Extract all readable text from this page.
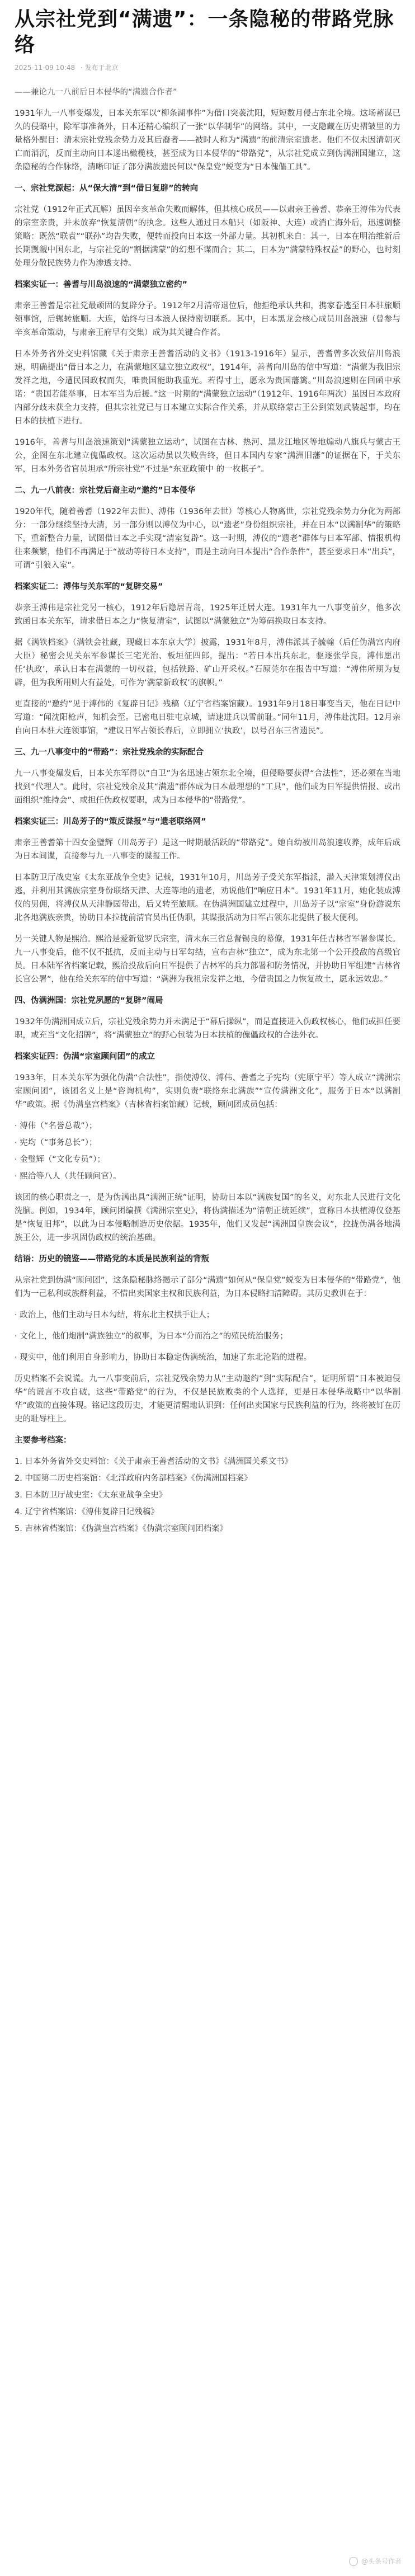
从宗社党到“满遗”：一条隐秘的带路党脉络
2025-11-09 10:48 · 发布于北京

——兼论九一八前后日本侵华的“满遗合作者”

1931年九一八事变爆发，日本关东军以“柳条湖事件”为借口突袭沈阳，短短数月侵占东北全境。这场蓄谋已久的侵略中，除军事准备外，日本还精心编织了一张“以华制华”的网络。其中，一支隐藏在历史褶皱里的力量格外醒目：清末宗社党残余势力及其后裔者——被时人称为“满遗”的前清宗室遗老。他们不仅未因清朝灭亡而消沉，反而主动向日本递出橄榄枝，甚至成为日本侵华的“带路党”，从宗社党成立到伪满洲国建立，这条隐秘的合作脉络，清晰印证了部分满族遗民何以“保皇党”蜕变为“日本傀儡工具”。

一、宗社党源起：从“保大清”到“借日复辟”的转向

宗社党（1912年正式瓦解）虽因辛亥革命失败而解体，但其核心成员——以肃亲王善耆、恭亲王溥伟为代表的宗室亲贵，并未放弃“恢复清朝”的执念。这些人通过日本船只（如阪神、大连）或消亡海外后，迅速调整策略：既然“联袁”“联孙”均告失败，便转而投向日本这一外部力量。其初机来自：其一，日本在明治维新后长期觊觎中国东北，与宗社党的“割据满蒙”的幻想不谋而合；其二，日本为“满蒙特殊权益”的野心，也时刻处理分散民族势力作为渗透支持。

档案实证一：善耆与川岛浪速的“满蒙独立密约”

肃亲王善耆是宗社党最顽固的复辟分子。1912年2月清帝退位后，他拒绝承认共和，携家眷逃至日本驻旅顺领事馆，后辗转旅顺。大连，始终与日本浪人保持密切联系。其中，日本黑龙会核心成员川岛浪速（曾参与辛亥革命策动，与肃亲王府早有交集）成为其关键合作者。

日本外务省外交史料馆藏《关于肃亲王善耆活动的文书》（1913-1916年）显示，善耆曾多次致信川岛浪速，明确提出“借日本之力，在满蒙地区建立独立政权”，1914年，善耆向川岛的信中写道：“满蒙为我旧宗发祥之地，今遭民国政权而失，唯贵国能助我重光。若得寸土，愿永为贵国藩篱。”川岛浪速则在回函中承诺：“贵国若能举事，日本军当为后援。”这一时期的“满蒙独立运动”（1912年、1916年两次）虽因日本政府内部分歧未获全力支持，但其宗社党已与日本建立实际合作关系，并从联络蒙古王公到策划武装起事，均在日本的扶植下进行。

1916年，善耆与川岛浪速策划“满蒙独立运动”，试图在吉林、热河、黑龙江地区等地煽动八旗兵与蒙古王公，企图在东北建立傀儡政权。这次运动虽以失败告终，但日本国内专家“满洲旧藩”的证据在下，于关东军，日本外务省官员坦承“所宗社党”不过是“东亚政策中 的一枚棋子”。

二、九一八前夜：宗社党后裔主动“邀约”日本侵华

1920年代，随着善耆（1922年去世）、溥伟（1936年去世）等核心人物离世，宗社党残余势力分化为两部分：一部分继续坚持大清，另一部分则以溥仪为中心，以“遗老”身份组织宗社，并在日本“以满制华”的策略下，重新整合力量，试图借日本之手实现“清室复辟”。这一时期，溥仪的“遗老”群体与日本军部、情报机构往来频繁，他们不再满足于“被动等待日本支持”，而是主动向日本提出“合作条件”，甚至要求日本“出兵”，可谓“引狼入室”。

档案实证二：溥伟与关东军的“复辟交易”

恭亲王溥伟是宗社党另一核心，1912年后隐居青岛，1925年迁居大连。1931年九一八事变前夕，他多次致函日本关东军，请求借日本之力“恢复清室”，试图以“满蒙独立”为筹码换取日本支持。

据《满铁档案》（满铁会社藏，现藏日本东京大学）披露，1931年8月，溥伟派其子毓翰（后任伪满宫内府大臣）秘密会见关东军参谋长三宅光治、板垣征四郎，提出：“若日本出兵东北，驱逐张学良，溥伟愿出任‘执政’，承认日本在满蒙的一切权益，包括铁路、矿山开采权。”石原莞尔在报告中写道：“溥伟所期为复辟，但为我所用则大有益处，可作为‘满蒙新政权’的旗帜。”

更直接的“邀约”见于溥伟的《复辟日记》残稿（辽宁省档案馆藏）。1931年9月18日事变当天，他在日记中写道：“闻沈阳枪声，知机会至。已密电日驻屯京城，请速进兵以雪前耻。”同年11月，溥伟赴沈阳。12月亲自向日本驻大连领事馆，“建议日军占领长春后，立即拥立‘执政’，以号召东三省遗民”。

三、九一八事变中的“带路”：宗社党残余的实际配合

九一八事变爆发后，日本关东军得以“自卫”为名迅速占领东北全境，但侵略要获得“合法性”，还必须在当地找到“代理人”。此时，宗社党残余及其“满遗”群体成为日本最理想的“工具”，他们或为日军提供情报、或出面组织“维持会”、或担任伪政权要职，成为日本侵华的“带路党”。

档案实证三：川岛芳子的“策反谍报”与“遗老联络网”

肃亲王善耆第十四女金璧辉（川岛芳子）是这一时期最活跃的“带路党”。她自幼被川岛浪速收养，成年后成为日本间谍，直接参与九一八事变的谍报工作。

日本防卫厅战史室《太东亚战争全史》记载，1931年10月，川岛芳子受关东军指派，潜入天津策划溥仪出逃，并利用其满族宗室身份联络天津、大连等地的遗老，劝说他们“响应日本”。1931年11月，她化装成溥仪的男佣，将溥仪从天津静园带出，后又转至旅顺。在伪满洲国建立过程中，川岛芳子以“宗室”身份游说东北各地满族亲贵，协助日本拉拢前清官员出任伪职，其谍报活动为日军占领东北提供了极大便利。

另一关键人物是熙洽。熙洽是爱新觉罗氏宗室，清末东三省总督锡良的幕僚，1931年任吉林省军署参谋长。九一八事变后，他不仅不抵抗，反而主动与日军勾结，宣布吉林“独立”，成为东北第一个公开投敌的高级官员。日本陆军省档案记载，熙洽投敌后向日军提供了吉林军的兵力部署和防务情况，并协助日军组建“吉林省长官公署”，他在给关东军的信中写道：“满洲为我祖宗发祥之地，今借贵国之力恢复故土，愿永远效忠。”

四、伪满洲国：宗社党夙愿的“复辟”闹局

1932年伪满洲国成立后，宗社党残余势力并未满足于“幕后操纵”，而是直接进入伪政权核心，他们或担任要职，或充当“文化招牌”，将“满蒙独立”的野心包装为日本扶植的傀儡政权的合法外衣。

档案实证四：伪满“宗室顾问团”的成立

1933年，日本关东军为强化伪满“合法性”，指使溥仪、溥伟、善耆之子宪均（宪原宁平）等人成立“满洲宗室顾问团”，该团名义上是“咨询机构”，实则负责“联络东北满族”“宣传满洲文化”，服务于日本“以满制华”政策。据《伪满皇宫档案》（吉林省档案馆藏）记载，顾问团成员包括：

· 溥伟（“名誉总裁”）；
· 宪均（“事务总长”）；
· 金璧辉（“文化专员”）；
· 熙洽等八人（共任顾问官）。

该团的核心职责之一，是为伪满出具“满洲正统”证明，协助日本以“满族复国”的名义，对东北人民进行文化洗脑。例如，1934年，顾问团编撰《满洲宗室史》，将伪满描述为“清朝正统延续”，宣称日本扶植溥仪登基是“恢复旧邦”，以此为日本侵略制造历史依据。1935年，他们又发起“满洲国皇族会议”，拉拢伪满各地满族王公，进一步巩固伪政权的统治基础。

结语：历史的镜鉴——带路党的本质是民族利益的背叛

从宗社党到伪满“顾问团”，这条隐秘脉络揭示了部分“满遗”如何从“保皇党”蜕变为日本侵华的“带路党”，他们为一己私利或族群利益，不惜出卖国家主权和民族利益，为日本侵略扫清障碍。其历史教训在于：

· 政治上，他们主动与日本勾结，将东北主权拱手让人；

· 文化上，他们炮制“满族独立”的叙事，为日本“分而治之”的殖民统治服务；

· 现实中，他们利用自身影响力，协助日本稳定伪满统治，加速了东北沦陷的进程。

历史档案不会说谎。九一八事变前后，宗社党残余势力从“主动邀约”到“实际配合”，证明所谓“日本被迫侵华”的谎言不攻自破，这些“带路党”的行为，不仅是民族败类的个人选择，更是日本侵华战略中“以华制华”政策的直接体现。铭记这段历史，才能更清醒地认识到：任何出卖国家与民族利益的行为，终将被钉在历史的耻辱柱上。

主要参考档案：

1. 日本外务省外交史料馆：《关于肃亲王善耆活动的文书》《满洲国关系文书》
2. 中国第二历史档案馆：《北洋政府内务部档案》《伪满洲国档案》
3. 日本防卫厅战史室：《太东亚战争全史》
4. 辽宁省档案馆：《溥伟复辟日记残稿》
5. 吉林省档案馆：《伪满皇宫档案》《伪满宗室顾问团档案》
@头条号作者
